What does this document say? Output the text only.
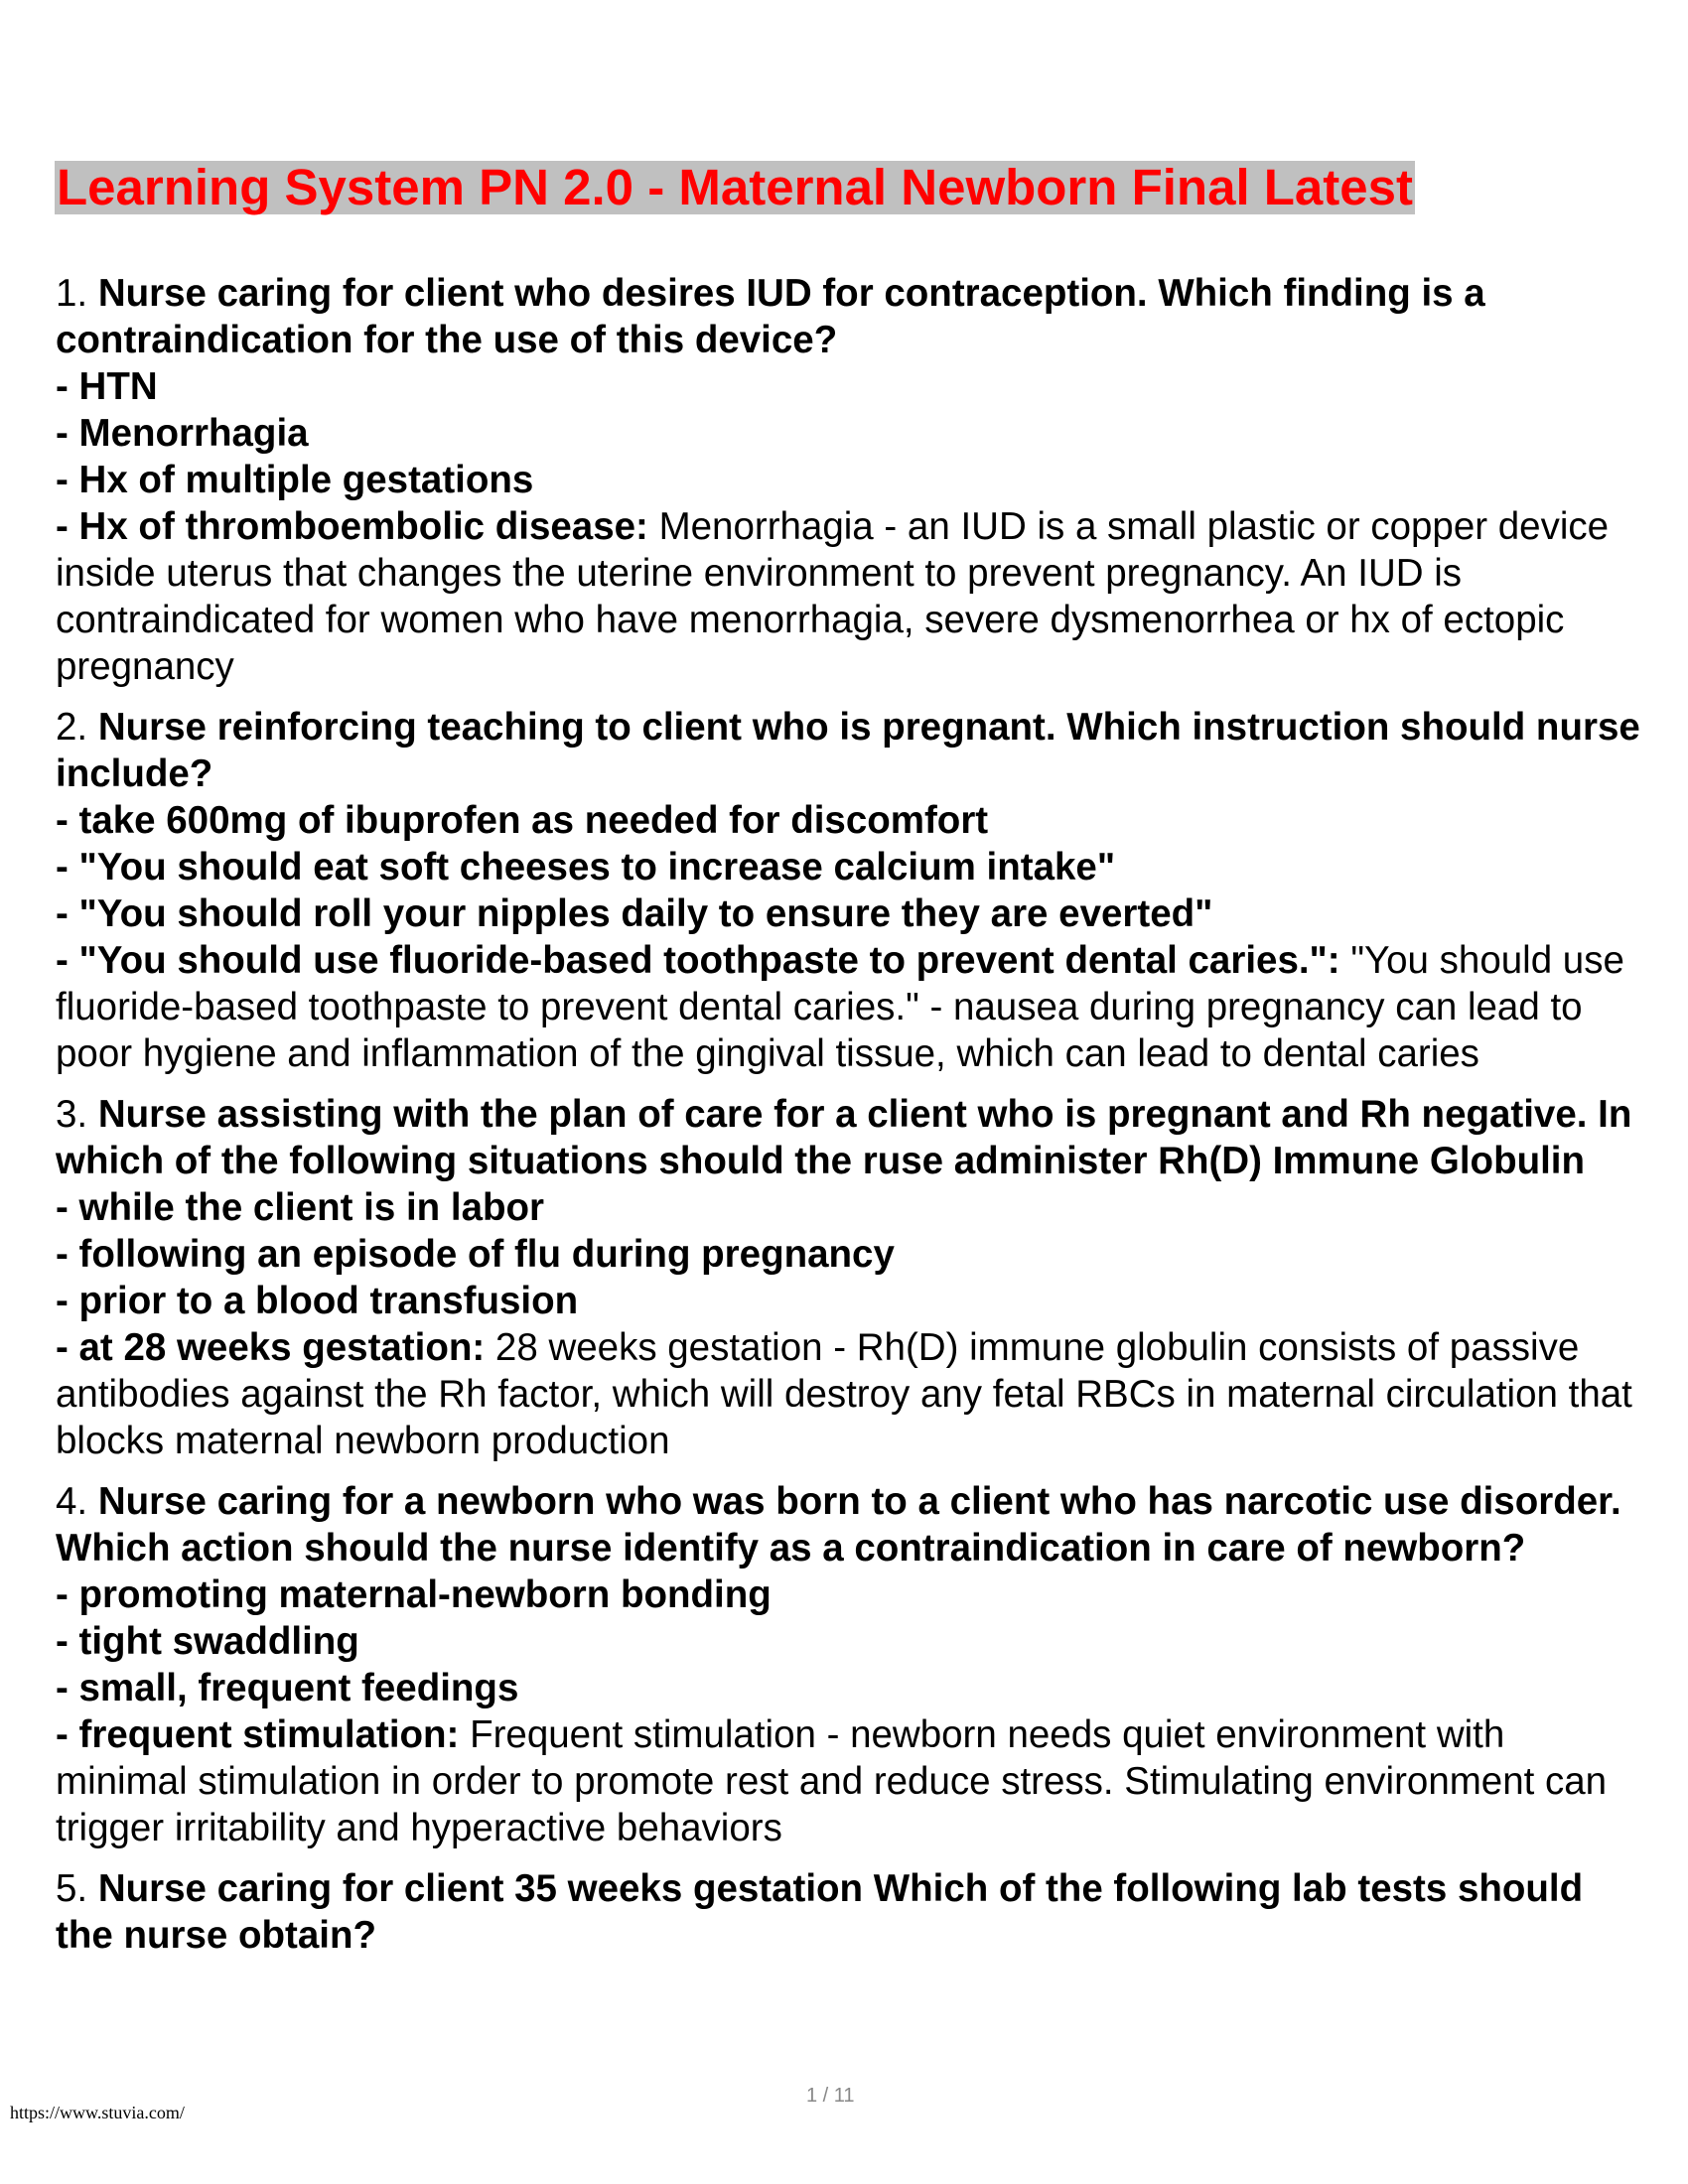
Learning System PN 2.0 - Maternal Newborn Final Latest
1. Nurse caring for client who desires IUD for contraception. Which finding is a contraindication for the use of this device?
- HTN
- Menorrhagia
- Hx of multiple gestations
- Hx of thromboembolic disease: Menorrhagia - an IUD is a small plastic or copper device inside uterus that changes the uterine environment to prevent pregnancy. An IUD is contraindicated for women who have menorrhagia, severe dysmenorrhea or hx of ectopic pregnancy
2. Nurse reinforcing teaching to client who is pregnant. Which instruction should nurse include?
- take 600mg of ibuprofen as needed for discomfort
- "You should eat soft cheeses to increase calcium intake"
- "You should roll your nipples daily to ensure they are everted"
- "You should use fluoride-based toothpaste to prevent dental caries.": "You should use fluoride-based toothpaste to prevent dental caries." - nausea during pregnancy can lead to poor hygiene and inflammation of the gingival tissue, which can lead to dental caries
3. Nurse assisting with the plan of care for a client who is pregnant and Rh negative. In which of the following situations should the ruse administer Rh(D) Immune Globulin
- while the client is in labor
- following an episode of flu during pregnancy
- prior to a blood transfusion
- at 28 weeks gestation: 28 weeks gestation - Rh(D) immune globulin consists of passive antibodies against the Rh factor, which will destroy any fetal RBCs in maternal circulation that blocks maternal newborn production
4. Nurse caring for a newborn who was born to a client who has narcotic use disorder. Which action should the nurse identify as a contraindication in care of newborn?
- promoting maternal-newborn bonding
- tight swaddling
- small, frequent feedings
- frequent stimulation: Frequent stimulation - newborn needs quiet environment with minimal stimulation in order to promote rest and reduce stress. Stimulating environment can trigger irritability and hyperactive behaviors
5. Nurse caring for client 35 weeks gestation Which of the following lab tests should the nurse obtain?
1 / 11
https://www.stuvia.com/
